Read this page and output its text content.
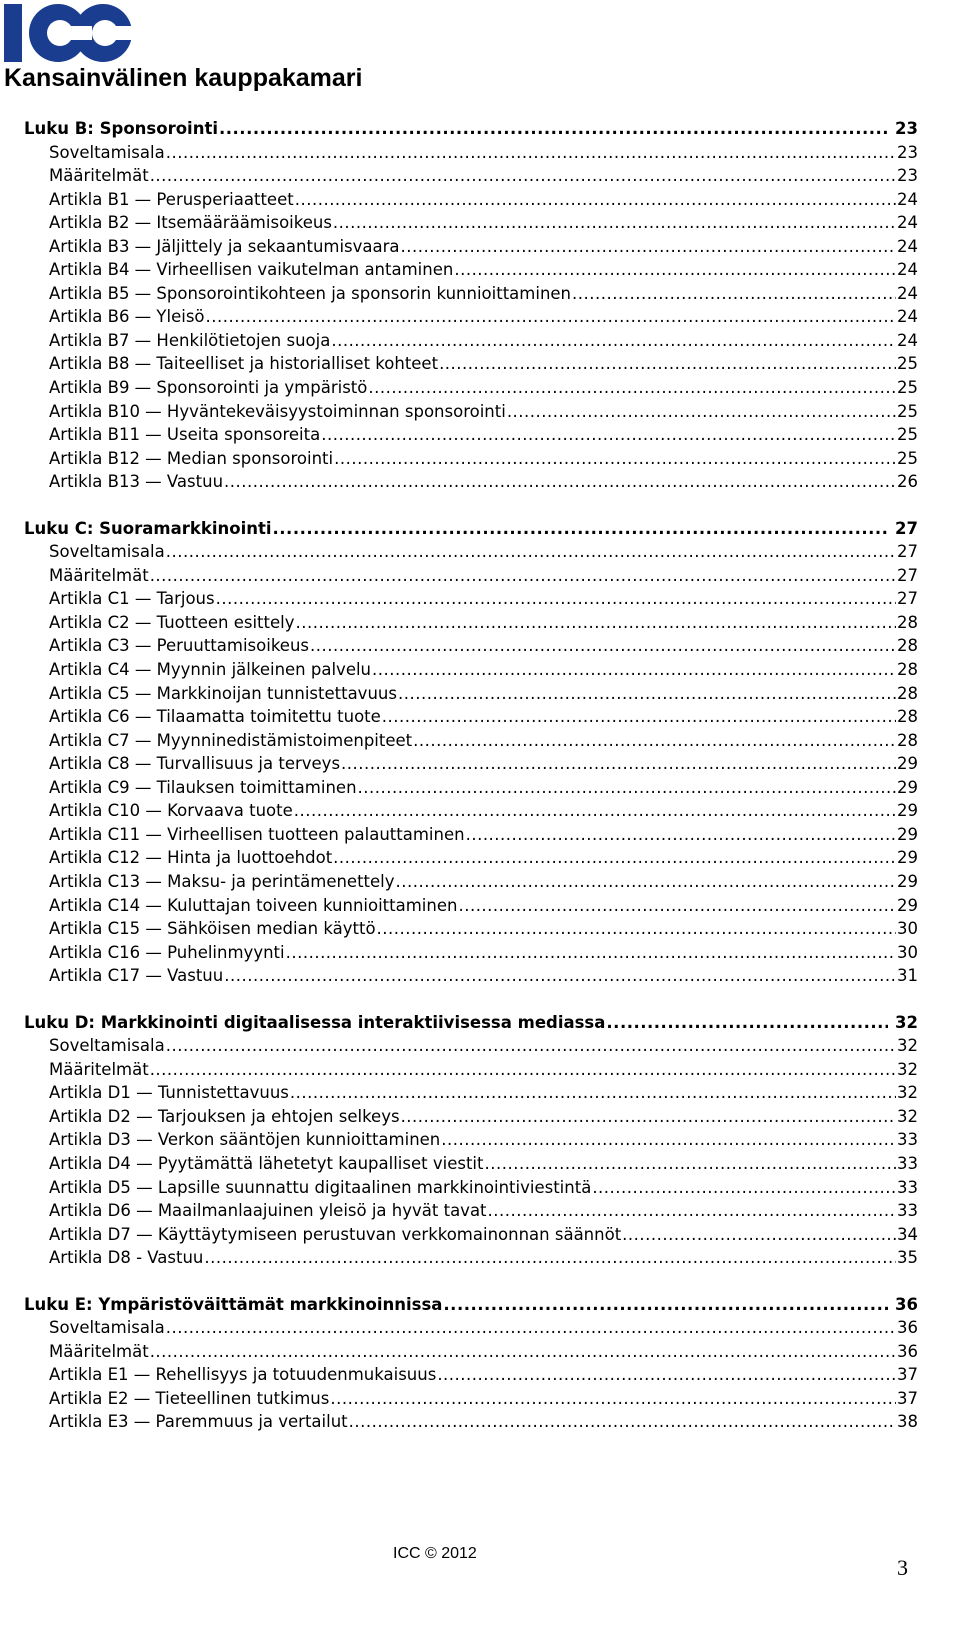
Kansainvälinen kauppakamari
Luku B: Sponsorointi .....	23
Soveltamisala .....	23
Määritelmät .....	23
Artikla B1 — Perusperiaatteet .....	24
Artikla B2 — Itsemääräämisoikeus .....	24
Artikla B3 — Jäljittely ja sekaantumisvaara .....	24
Artikla B4 — Virheellisen vaikutelman antaminen .....	24
Artikla B5 — Sponsorointikohteen ja sponsorin kunnioittaminen .....	24
Artikla B6 — Yleisö .....	24
Artikla B7 — Henkilötietojen suoja .....	24
Artikla B8 — Taiteelliset ja historialliset kohteet .....	25
Artikla B9 — Sponsorointi ja ympäristö .....	25
Artikla B10 — Hyväntekeväisyystoiminnan sponsorointi .....	25
Artikla B11 — Useita sponsoreita .....	25
Artikla B12 — Median sponsorointi .....	25
Artikla B13 — Vastuu .....	26
Luku C: Suoramarkkinointi .....	27
Soveltamisala .....	27
Määritelmät .....	27
Artikla C1 — Tarjous .....	27
Artikla C2 — Tuotteen esittely .....	28
Artikla C3 — Peruuttamisoikeus .....	28
Artikla C4 — Myynnin jälkeinen palvelu .....	28
Artikla C5 — Markkinoijan tunnistettavuus .....	28
Artikla C6 — Tilaamatta toimitettu tuote .....	28
Artikla C7 — Myynninedistämistoimenpiteet .....	28
Artikla C8 — Turvallisuus ja terveys .....	29
Artikla C9 — Tilauksen toimittaminen .....	29
Artikla C10 — Korvaava tuote .....	29
Artikla C11 — Virheellisen tuotteen palauttaminen .....	29
Artikla C12 — Hinta ja luottoehdot .....	29
Artikla C13 — Maksu- ja perintämenettely .....	29
Artikla C14 — Kuluttajan toiveen kunnioittaminen .....	29
Artikla C15 — Sähköisen median käyttö .....	30
Artikla C16 — Puhelinmyynti .....	30
Artikla C17 — Vastuu .....	31
Luku D: Markkinointi digitaalisessa interaktiivisessa mediassa .....	32
Soveltamisala .....	32
Määritelmät .....	32
Artikla D1 — Tunnistettavuus .....	32
Artikla D2 — Tarjouksen ja ehtojen selkeys .....	32
Artikla D3 — Verkon sääntöjen kunnioittaminen .....	33
Artikla D4 — Pyytämättä lähetetyt kaupalliset viestit .....	33
Artikla D5 — Lapsille suunnattu digitaalinen markkinointiviestintä .....	33
Artikla D6 — Maailmanlaajuinen yleisö ja hyvät tavat .....	33
Artikla D7 — Käyttäytymiseen perustuvan verkkomainonnan säännöt .....	34
Artikla D8 - Vastuu .....	35
Luku E: Ympäristöväittämät markkinoinnissa .....	36
Soveltamisala .....	36
Määritelmät .....	36
Artikla E1 — Rehellisyys ja totuudenmukaisuus .....	37
Artikla E2 — Tieteellinen tutkimus .....	37
Artikla E3 — Paremmuus ja vertailut .....	38
ICC © 2012
3
